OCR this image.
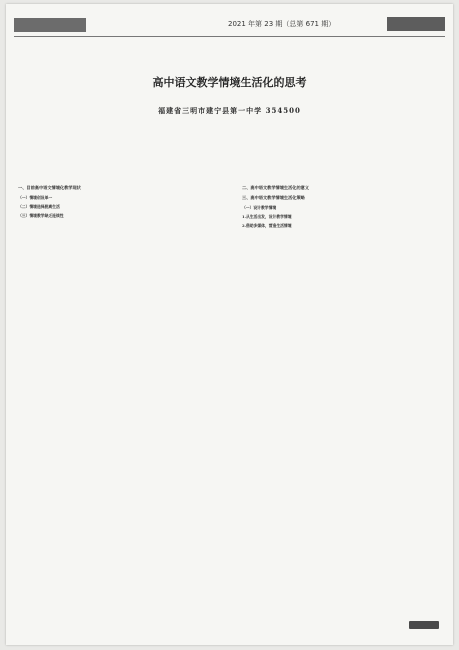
2021 年第 23 期（总第 671 期）
高中语文教学情境生活化的思考
福建省三明市建宁县第一中学 354500
一、目前高中语文情境化教学现状

（一）情境创设单一

（二）情境选择脱离生活

（三）情境教学缺乏连续性

二、高中语文教学情境生活化的意义

三、高中语文教学情境生活化策略
（一）设计教学情境
1.从生活出发，设计教学情境

2.借助多媒体，营造生活情境
